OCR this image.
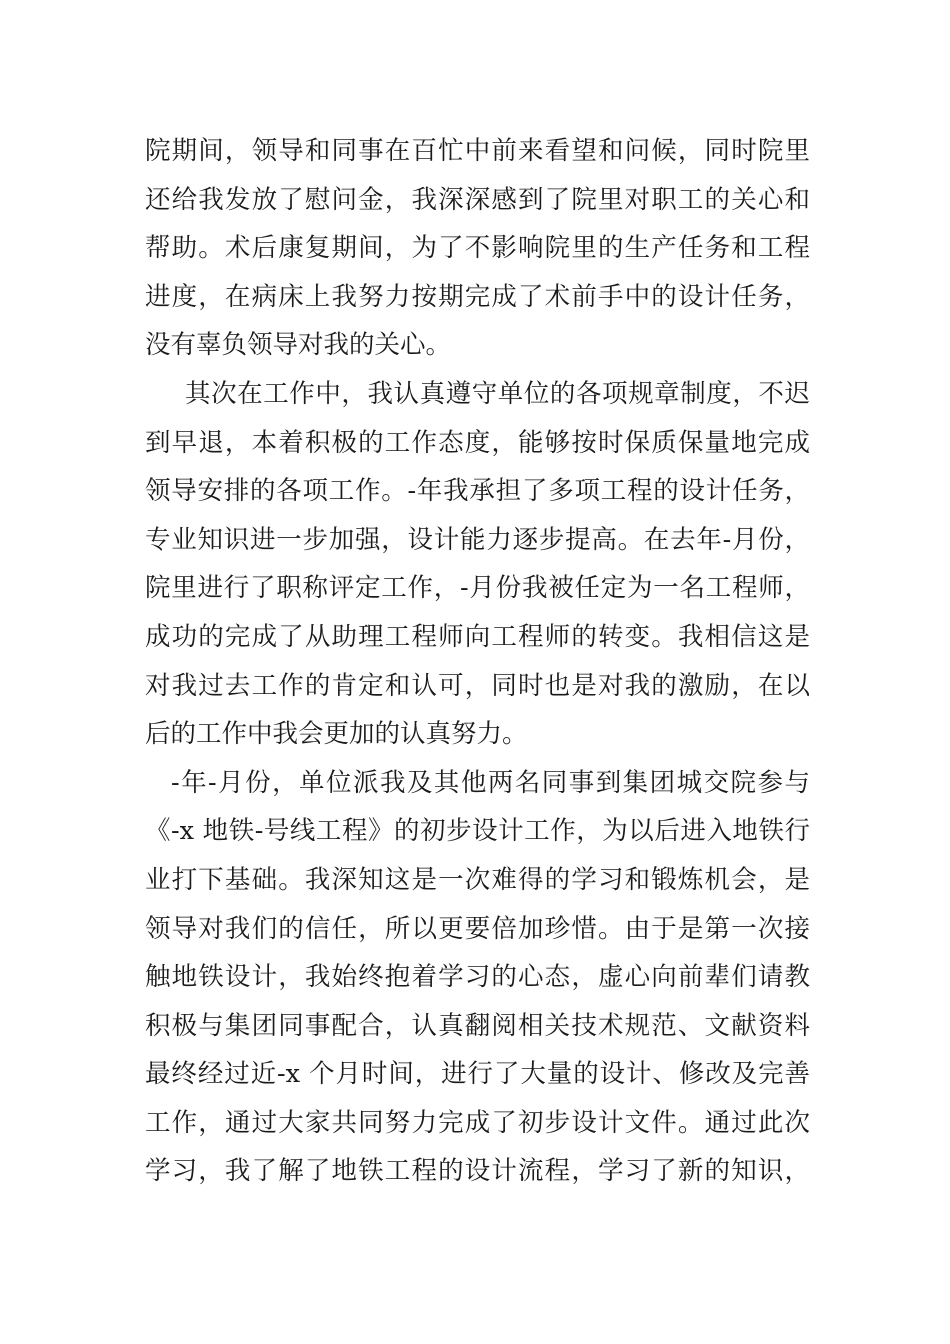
院期间，领导和同事在百忙中前来看望和问候，同时院里
还给我发放了慰问金，我深深感到了院里对职工的关心和
帮助。术后康复期间，为了不影响院里的生产任务和工程
进度，在病床上我努力按期完成了术前手中的设计任务，
没有辜负领导对我的关心。
其次在工作中，我认真遵守单位的各项规章制度，不迟
到早退，本着积极的工作态度，能够按时保质保量地完成
领导安排的各项工作。-年我承担了多项工程的设计任务，
专业知识进一步加强，设计能力逐步提高。在去年-月份，
院里进行了职称评定工作，-月份我被任定为一名工程师，
成功的完成了从助理工程师向工程师的转变。我相信这是
对我过去工作的肯定和认可，同时也是对我的激励，在以
后的工作中我会更加的认真努力。
-年-月份，单位派我及其他两名同事到集团城交院参与
《-x 地铁-号线工程》的初步设计工作，为以后进入地铁行
业打下基础。我深知这是一次难得的学习和锻炼机会，是
领导对我们的信任，所以更要倍加珍惜。由于是第一次接
触地铁设计，我始终抱着学习的心态，虚心向前辈们请教
积极与集团同事配合，认真翻阅相关技术规范、文献资料
最终经过近-x 个月时间，进行了大量的设计、修改及完善
工作，通过大家共同努力完成了初步设计文件。通过此次
学习，我了解了地铁工程的设计流程，学习了新的知识，
